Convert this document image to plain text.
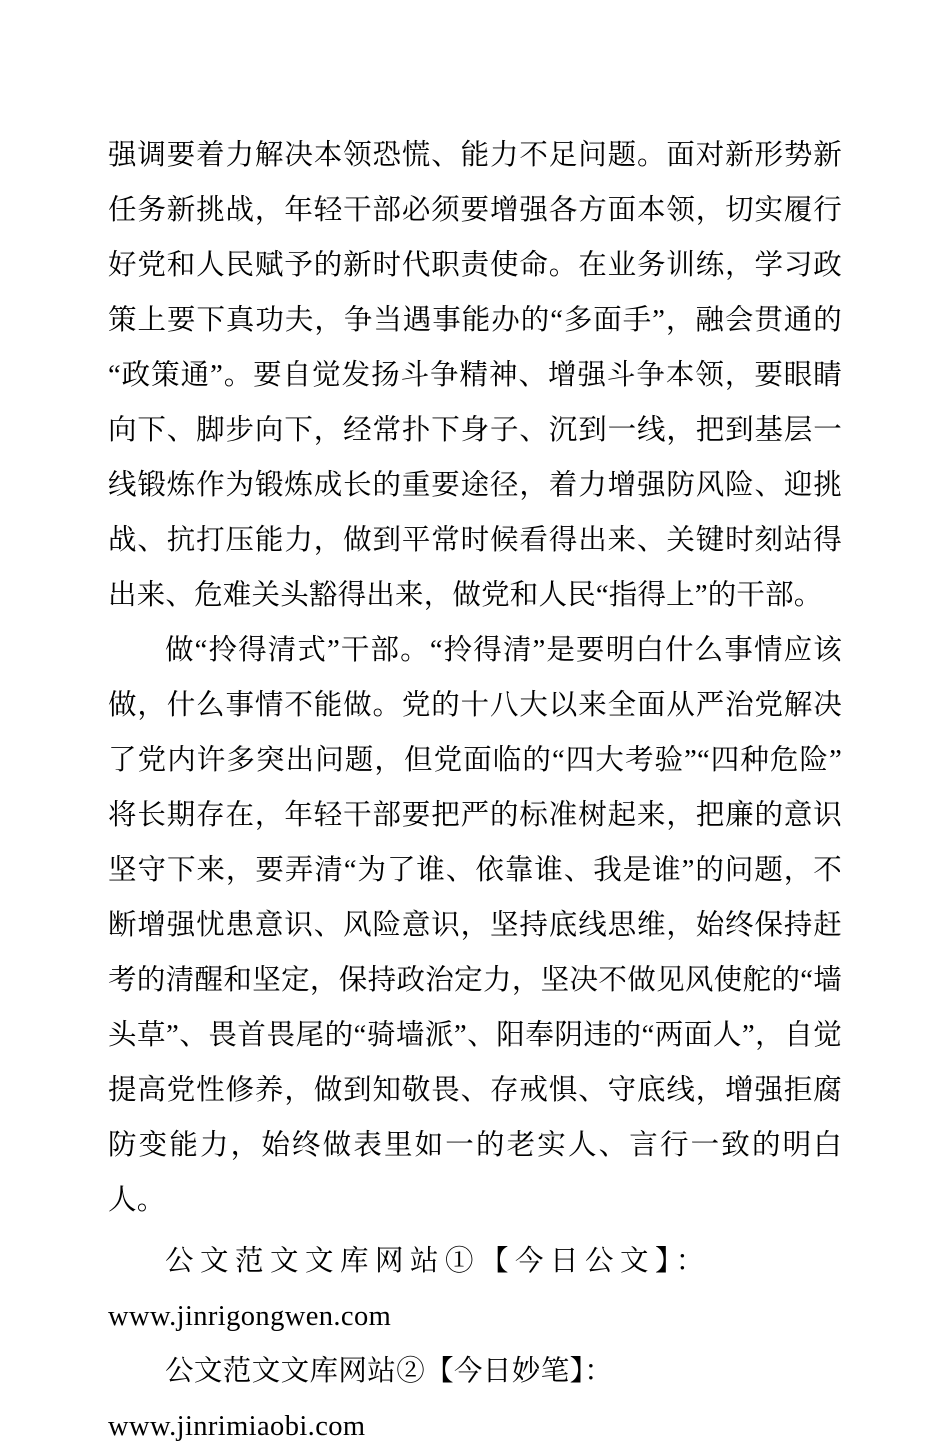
强调要着力解决本领恐慌、能力不足问题。面对新形势新任务新挑战，年轻干部必须要增强各方面本领，切实履行好党和人民赋予的新时代职责使命。在业务训练，学习政策上要下真功夫，争当遇事能办的“多面手”，融会贯通的“政策通”。要自觉发扬斗争精神、增强斗争本领，要眼睛向下、脚步向下，经常扑下身子、沉到一线，把到基层一线锻炼作为锻炼成长的重要途径，着力增强防风险、迎挑战、抗打压能力，做到平常时候看得出来、关键时刻站得出来、危难关头豁得出来，做党和人民“指得上”的干部。

做“拎得清式”干部。“拎得清”是要明白什么事情应该做，什么事情不能做。党的十八大以来全面从严治党解决了党内许多突出问题，但党面临的“四大考验”“四种危险”将长期存在，年轻干部要把严的标准树起来，把廉的意识坚守下来，要弄清“为了谁、依靠谁、我是谁”的问题，不断增强忧患意识、风险意识，坚持底线思维，始终保持赶考的清醒和坚定，保持政治定力，坚决不做见风使舵的“墙头草”、畏首畏尾的“骑墙派”、阳奉阴违的“两面人”，自觉提高党性修养，做到知敬畏、存戒惧、守底线，增强拒腐防变能力，始终做表里如一的老实人、言行一致的明白人。

公文范文文库网站①【今日公文】：

www.jinrigongwen.com

公文范文文库网站②【今日妙笔】：www.jinrimiaobi.com
